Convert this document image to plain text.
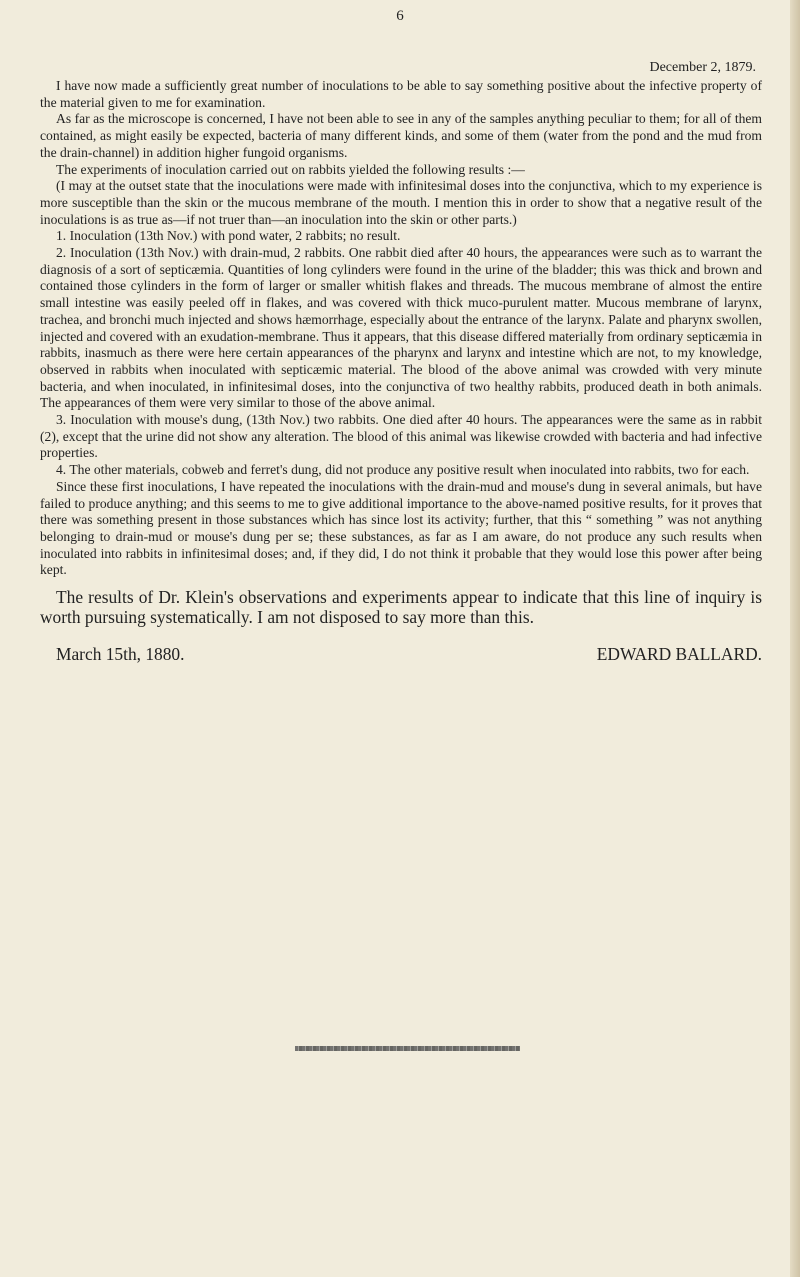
6
December 2, 1879.

I have now made a sufficiently great number of inoculations to be able to say something positive about the infective property of the material given to me for examination.

As far as the microscope is concerned, I have not been able to see in any of the samples anything peculiar to them; for all of them contained, as might easily be expected, bacteria of many different kinds, and some of them (water from the pond and the mud from the drain-channel) in addition higher fungoid organisms.

The experiments of inoculation carried out on rabbits yielded the following results :—

(I may at the outset state that the inoculations were made with infinitesimal doses into the conjunctiva, which to my experience is more susceptible than the skin or the mucous membrane of the mouth. I mention this in order to show that a negative result of the inoculations is as true as—if not truer than—an inoculation into the skin or other parts.)

1. Inoculation (13th Nov.) with pond water, 2 rabbits; no result.

2. Inoculation (13th Nov.) with drain-mud, 2 rabbits. One rabbit died after 40 hours, the appearances were such as to warrant the diagnosis of a sort of septicæmia. Quantities of long cylinders were found in the urine of the bladder; this was thick and brown and contained those cylinders in the form of larger or smaller whitish flakes and threads. The mucous membrane of almost the entire small intestine was easily peeled off in flakes, and was covered with thick muco-purulent matter. Mucous membrane of larynx, trachea, and bronchi much injected and shows hæmorrhage, especially about the entrance of the larynx. Palate and pharynx swollen, injected and covered with an exudation-membrane. Thus it appears, that this disease differed materially from ordinary septicæmia in rabbits, inasmuch as there were here certain appearances of the pharynx and larynx and intestine which are not, to my knowledge, observed in rabbits when inoculated with septicæmic material. The blood of the above animal was crowded with very minute bacteria, and when inoculated, in infinitesimal doses, into the conjunctiva of two healthy rabbits, produced death in both animals. The appearances of them were very similar to those of the above animal.

3. Inoculation with mouse's dung, (13th Nov.) two rabbits. One died after 40 hours. The appearances were the same as in rabbit (2), except that the urine did not show any alteration. The blood of this animal was likewise crowded with bacteria and had infective properties.

4. The other materials, cobweb and ferret's dung, did not produce any positive result when inoculated into rabbits, two for each.

Since these first inoculations, I have repeated the inoculations with the drain-mud and mouse's dung in several animals, but have failed to produce anything; and this seems to me to give additional importance to the above-named positive results, for it proves that there was something present in those substances which has since lost its activity; further, that this “ something ” was not anything belonging to drain-mud or mouse's dung per se; these substances, as far as I am aware, do not produce any such results when inoculated into rabbits in infinitesimal doses; and, if they did, I do not think it probable that they would lose this power after being kept.

The results of Dr. Klein's observations and experiments appear to indicate that this line of inquiry is worth pursuing systematically. I am not disposed to say more than this.

March 15th, 1880.	EDWARD BALLARD.
